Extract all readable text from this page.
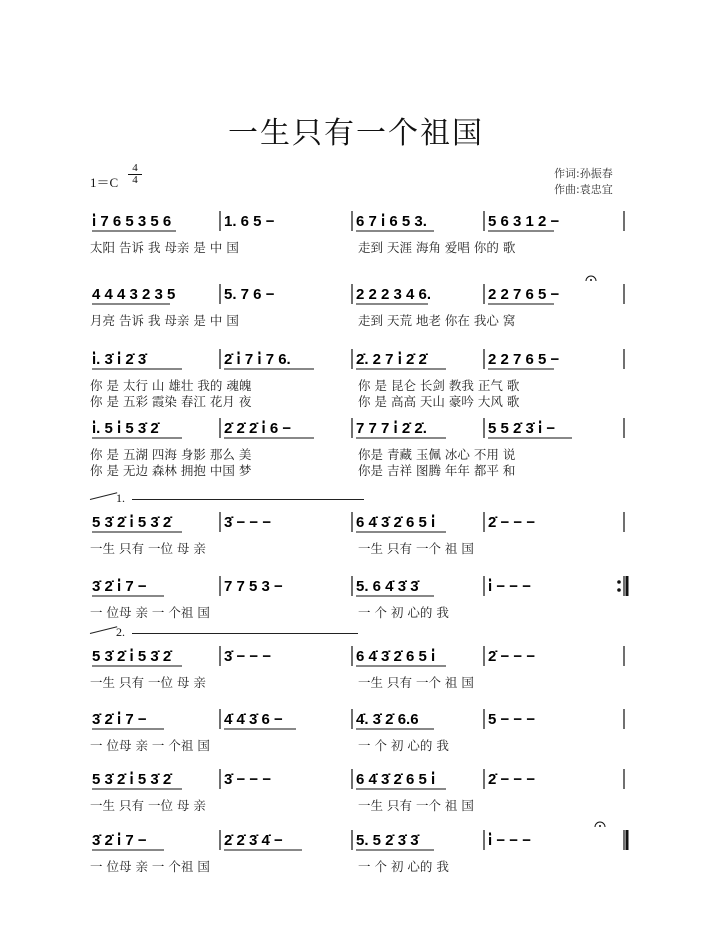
一生只有一个祖国
1＝C
4
4	作词:孙振春
作曲:袁忠宜
1.
2.
i̇ 7 6 5 3 5 6	1. 6 5 −	6 7 i̇ 6 5 3.	5 6 3 1 2 −
太阳 告诉 我 母亲 是 中 国	走到 天涯 海角 爱唱 你的 歌
4 4 4 3 2 3 5	5. 7 6 −	2 2 2 3 4 6.	2 2 7 6 5 −
月亮 告诉 我 母亲 是 中 国	走到 天荒 地老 你在 我心 窝
i̇. 3̇ i̇ 2̇ 3̇	2̇ i̇ 7 i̇ 7 6.	2̇. 2 7 i̇ 2̇ 2̇	2 2 7 6 5 −
你 是 太行 山 雄壮 我的 魂魄	你 是 昆仑 长剑 教我 正气 歌
你 是 五彩 霞染 春江 花月 夜	你 是 高高 天山 豪吟 大风 歌
i̇. 5 i̇ 5 3̇ 2̇	2̇ 2̇ 2̇ i̇ 6 −	7 7 7 i̇ 2̇ 2̇.	5 5 2̇ 3̇ i̇ −
你 是 五湖 四海 身影 那么 美	你是 青藏 玉佩 冰心 不用 说
你 是 无边 森林 拥抱 中国 梦	你是 吉祥 图腾 年年 都平 和
5 3̇ 2̇ i̇ 5 3̇ 2̇	3̇ − − −	6 4̇ 3̇ 2̇ 6 5 i̇	2̇ − − −
一生 只有 一位 母 亲	一生 只有 一个 祖 国
3̇ 2̇ i̇ 7 −	7 7 5 3 −	5. 6 4̇ 3̇ 3̇	i̇ − − −
一 位母 亲 一 个祖 国	一 个 初 心的 我
5 3̇ 2̇ i̇ 5 3̇ 2̇	3̇ − − −	6 4̇ 3̇ 2̇ 6 5 i̇	2̇ − − −
一生 只有 一位 母 亲	一生 只有 一个 祖 国
3̇ 2̇ i̇ 7 −	4̇ 4̇ 3̇ 6 −	4̇. 3̇ 2̇ 6.6	5 − − −
一 位母 亲 一 个祖 国	一 个 初 心的 我
5 3̇ 2̇ i̇ 5 3̇ 2̇	3̇ − − −	6 4̇ 3̇ 2̇ 6 5 i̇	2̇ − − −
一生 只有 一位 母 亲	一生 只有 一个 祖 国
3̇ 2̇ i̇ 7 −	2̇ 2̇ 3̇ 4̇ −	5. 5 2̇ 3̇ 3̇	i̇ − − −
一 位母 亲 一 个祖 国	一 个 初 心的 我
